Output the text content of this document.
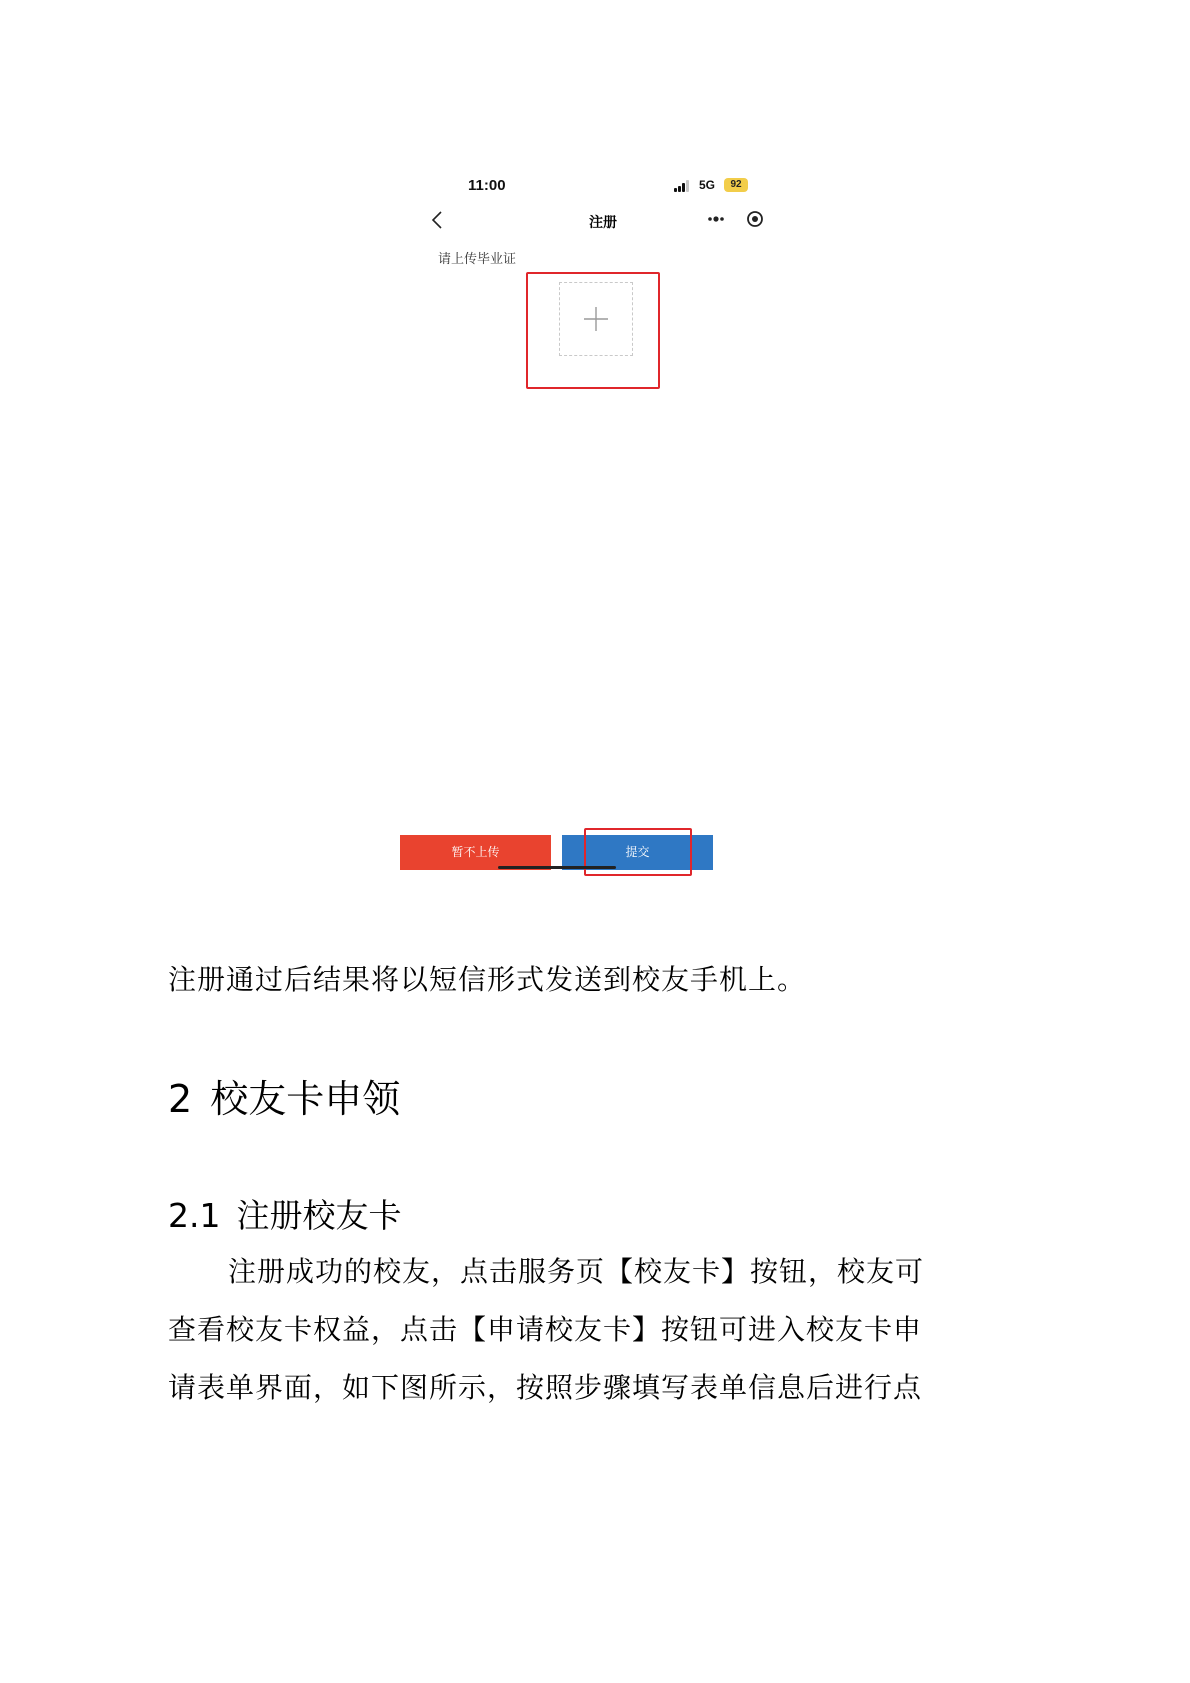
11:00	5G	92
注册
请上传毕业证
暂不上传	提交
注册通过后结果将以短信形式发送到校友手机上。
2 校友卡申领
2.1 注册校友卡
注册成功的校友，点击服务页【校友卡】按钮，校友可
查看校友卡权益，点击【申请校友卡】按钮可进入校友卡申
请表单界面，如下图所示，按照步骤填写表单信息后进行点
